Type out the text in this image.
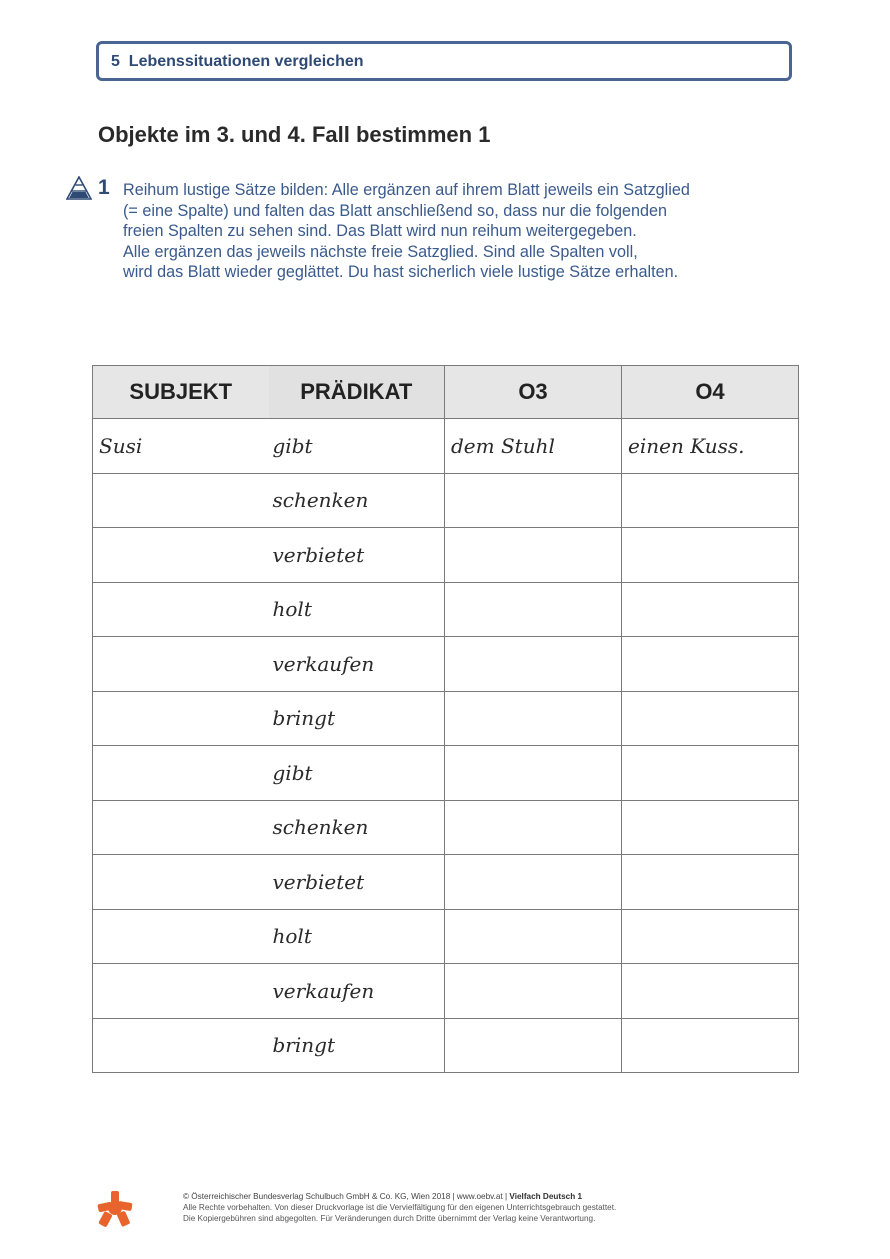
5 Lebenssituationen vergleichen
Objekte im 3. und 4. Fall bestimmen 1
1 Reihum lustige Sätze bilden: Alle ergänzen auf ihrem Blatt jeweils ein Satzglied
(= eine Spalte) und falten das Blatt anschließend so, dass nur die folgenden
freien Spalten zu sehen sind. Das Blatt wird nun reihum weitergegeben.
Alle ergänzen das jeweils nächste freie Satzglied. Sind alle Spalten voll,
wird das Blatt wieder geglättet. Du hast sicherlich viele lustige Sätze erhalten.
SUBJEKT	PRÄDIKAT	O3	O4
Susi	gibt	dem Stuhl	einen Kuss.
	schenken		
	verbietet		
	holt		
	verkaufen		
	bringt		
	gibt		
	schenken		
	verbietet		
	holt		
	verkaufen		
	bringt		
© Österreichischer Bundesverlag Schulbuch GmbH & Co. KG, Wien 2018 | www.oebv.at | Vielfach Deutsch 1
Alle Rechte vorbehalten. Von dieser Druckvorlage ist die Vervielfältigung für den eigenen Unterrichtsgebrauch gestattet.
Die Kopiergebühren sind abgegolten. Für Veränderungen durch Dritte übernimmt der Verlag keine Verantwortung.
